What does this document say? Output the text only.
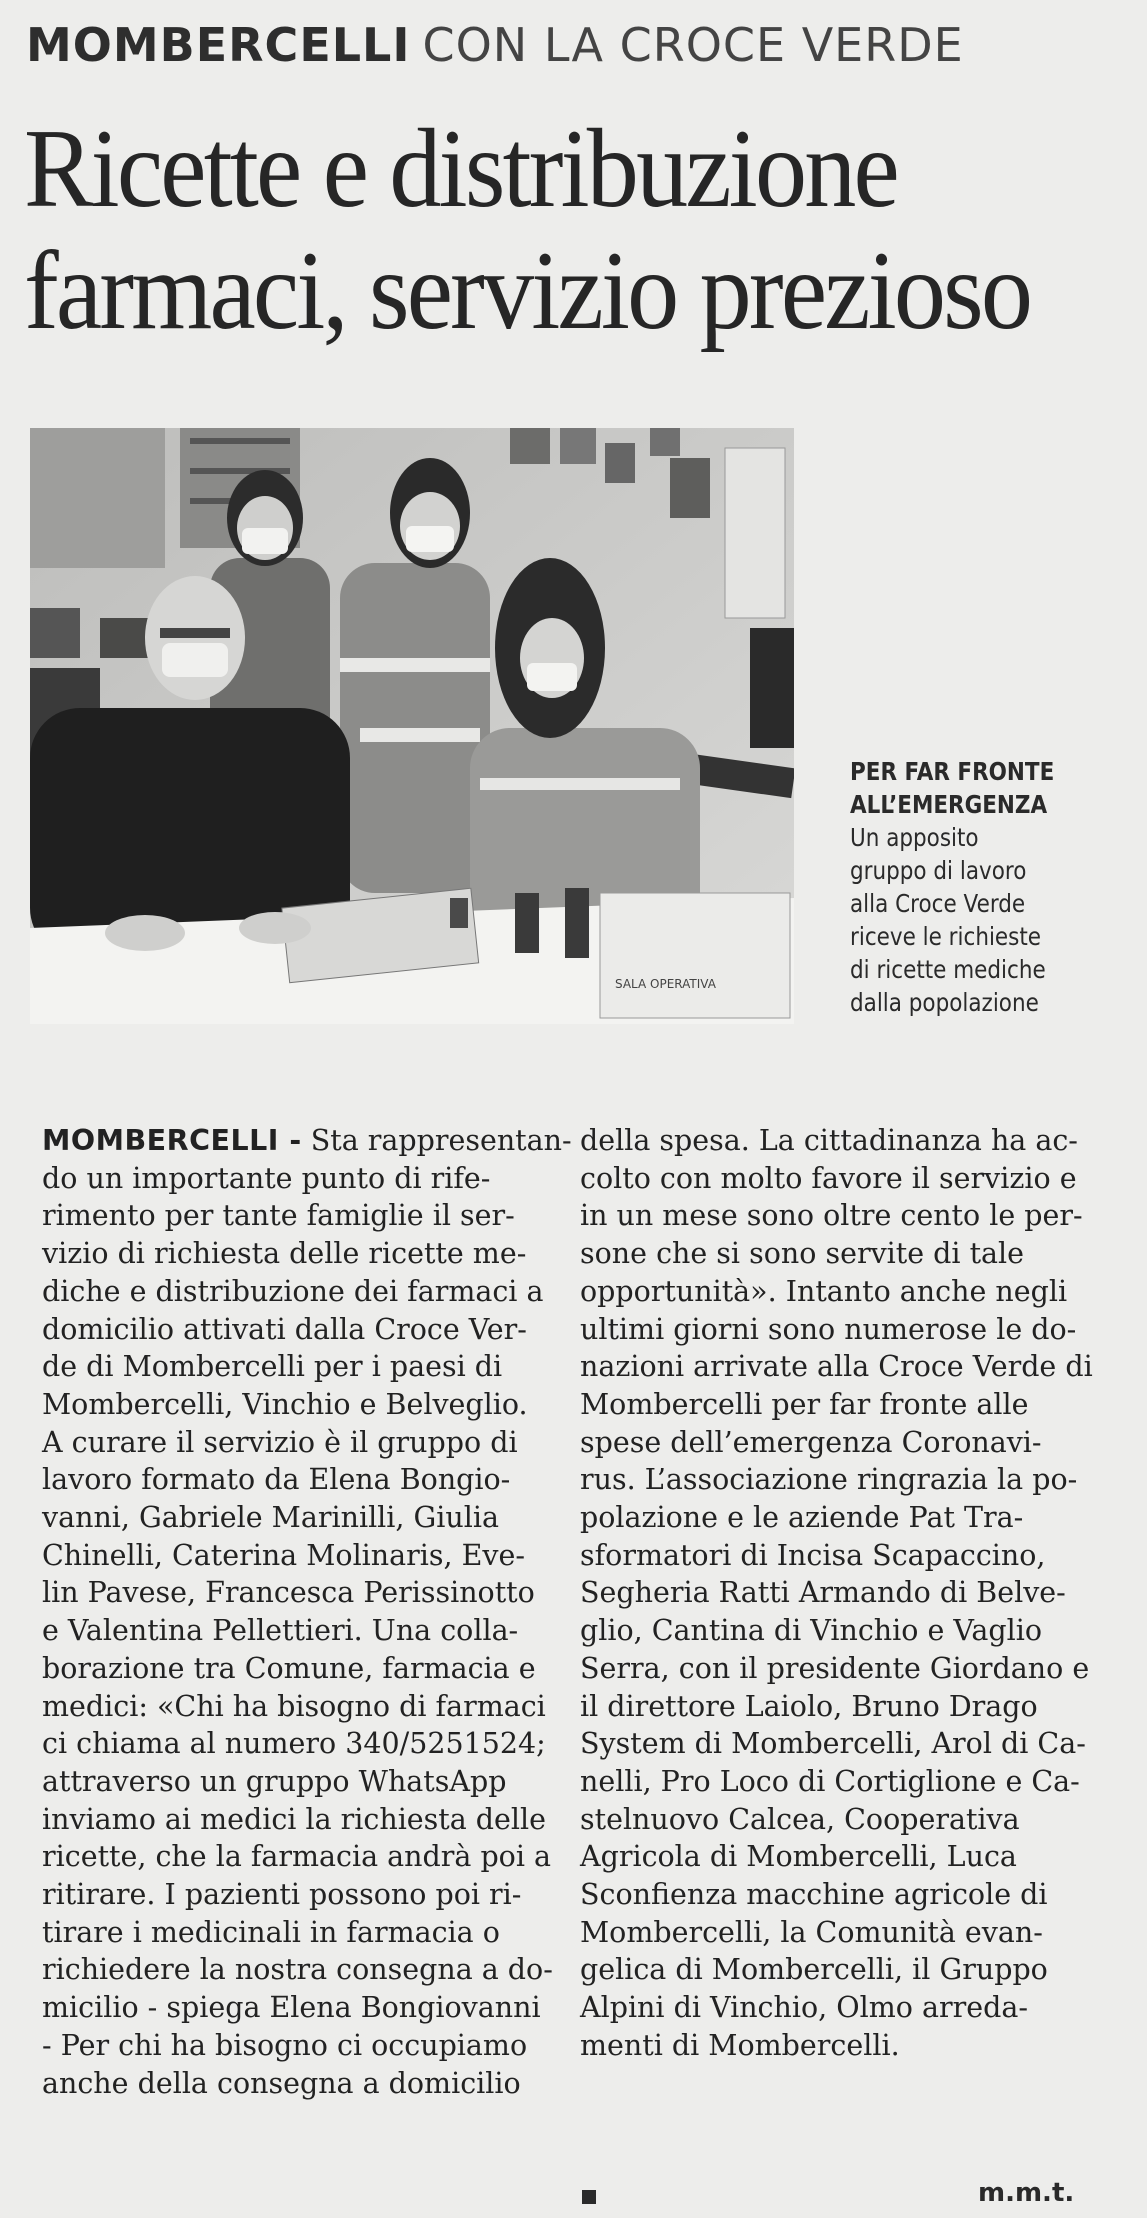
MOMBERCELLI CON LA CROCE VERDE
Ricette e distribuzione
farmaci, servizio prezioso
SALA OPERATIVA
PER FAR FRONTE
ALL’EMERGENZA
Un apposito
gruppo di lavoro
alla Croce Verde
riceve le richieste
di ricette mediche
dalla popolazione
MOMBERCELLI - Sta rappresentan-
do un importante punto di rife-
rimento per tante famiglie il ser-
vizio di richiesta delle ricette me-
diche e distribuzione dei farmaci a
domicilio attivati dalla Croce Ver-
de di Mombercelli per i paesi di
Mombercelli, Vinchio e Belveglio.
A curare il servizio è il gruppo di
lavoro formato da Elena Bongio-
vanni, Gabriele Marinilli, Giulia
Chinelli, Caterina Molinaris, Eve-
lin Pavese, Francesca Perissinotto
e Valentina Pellettieri. Una colla-
borazione tra Comune, farmacia e
medici: «Chi ha bisogno di farmaci
ci chiama al numero 340/5251524;
attraverso un gruppo WhatsApp
inviamo ai medici la richiesta delle
ricette, che la farmacia andrà poi a
ritirare. I pazienti possono poi ri-
tirare i medicinali in farmacia o
richiedere la nostra consegna a do-
micilio - spiega Elena Bongiovanni
- Per chi ha bisogno ci occupiamo
anche della consegna a domicilio
della spesa. La cittadinanza ha ac-
colto con molto favore il servizio e
in un mese sono oltre cento le per-
sone che si sono servite di tale
opportunità». Intanto anche negli
ultimi giorni sono numerose le do-
nazioni arrivate alla Croce Verde di
Mombercelli per far fronte alle
spese dell’emergenza Coronavi-
rus. L’associazione ringrazia la po-
polazione e le aziende Pat Tra-
sformatori di Incisa Scapaccino,
Segheria Ratti Armando di Belve-
glio, Cantina di Vinchio e Vaglio
Serra, con il presidente Giordano e
il direttore Laiolo, Bruno Drago
System di Mombercelli, Arol di Ca-
nelli, Pro Loco di Cortiglione e Ca-
stelnuovo Calcea, Cooperativa
Agricola di Mombercelli, Luca
Sconfienza macchine agricole di
Mombercelli, la Comunità evan-
gelica di Mombercelli, il Gruppo
Alpini di Vinchio, Olmo arreda-
menti di Mombercelli.
m.m.t.
